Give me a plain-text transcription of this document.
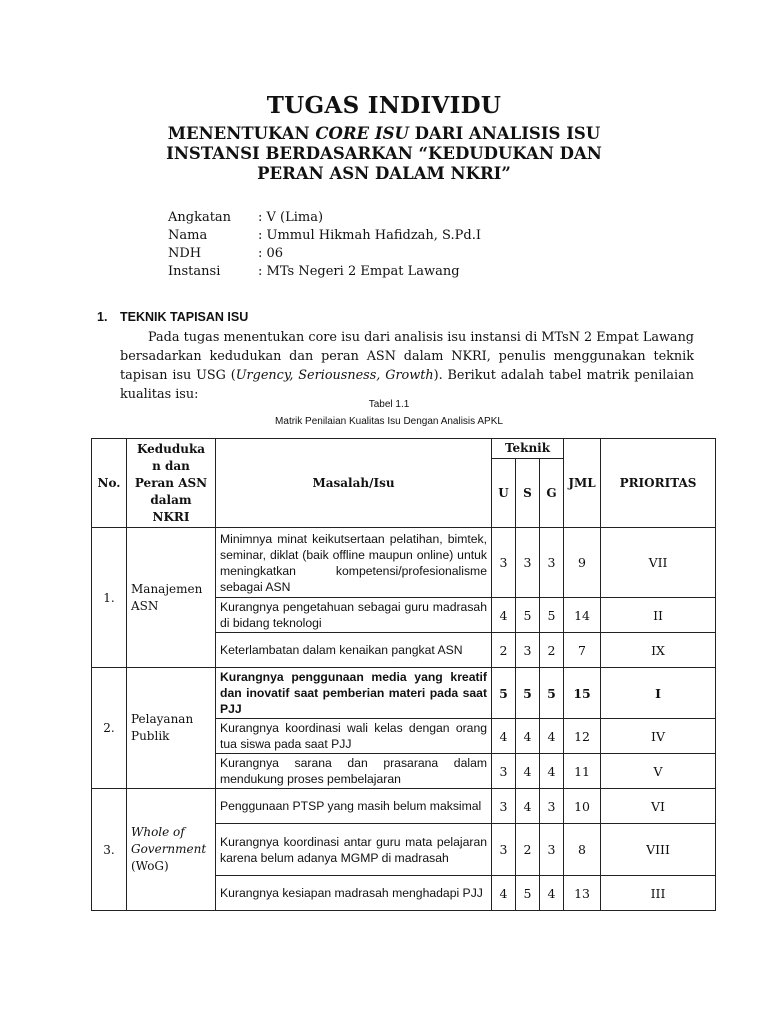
TUGAS INDIVIDU
MENENTUKAN CORE ISU DARI ANALISIS ISU
INSTANSI BERDASARKAN “KEDUDUKAN DAN
PERAN ASN DALAM NKRI”
Angkatan	: V (Lima)
Nama	: Ummul Hikmah Hafidzah, S.Pd.I
NDH	: 06
Instansi	: MTs Negeri 2 Empat Lawang
1. TEKNIK TAPISAN ISU

Pada tugas menentukan core isu dari analisis isu instansi di MTsN 2 Empat Lawang bersadarkan kedudukan dan peran ASN dalam NKRI, penulis menggunakan teknik tapisan isu USG (Urgency, Seriousness, Growth). Berikut adalah tabel matrik penilaian kualitas isu:

Tabel 1.1
Matrik Penilaian Kualitas Isu Dengan Analisis APKL
No.	Keduduka n dan Peran ASN dalam NKRI	Masalah/Isu	Teknik			JML	PRIORITAS
			U	S	G		
1.	Manajemen ASN	Minimnya minat keikutsertaan pelatihan, bimtek, seminar, diklat (baik offline maupun online) untuk meningkatkan kompetensi/profesionalisme sebagai ASN	3	3	3	9	VII
		Kurangnya pengetahuan sebagai guru madrasah di bidang teknologi	4	5	5	14	II
		Keterlambatan dalam kenaikan pangkat ASN	2	3	2	7	IX
2.	Pelayanan Publik	Kurangnya penggunaan media yang kreatif dan inovatif saat pemberian materi pada saat PJJ	5	5	5	15	I
		Kurangnya koordinasi wali kelas dengan orang tua siswa pada saat PJJ	4	4	4	12	IV
		Kurangnya sarana dan prasarana dalam mendukung proses pembelajaran	3	4	4	11	V
3.	Whole of Government
(WoG)	Penggunaan PTSP yang masih belum maksimal	3	4	3	10	VI
		Kurangnya koordinasi antar guru mata pelajaran karena belum adanya MGMP di madrasah	3	2	3	8	VIII
		Kurangnya kesiapan madrasah menghadapi PJJ	4	5	4	13	III
